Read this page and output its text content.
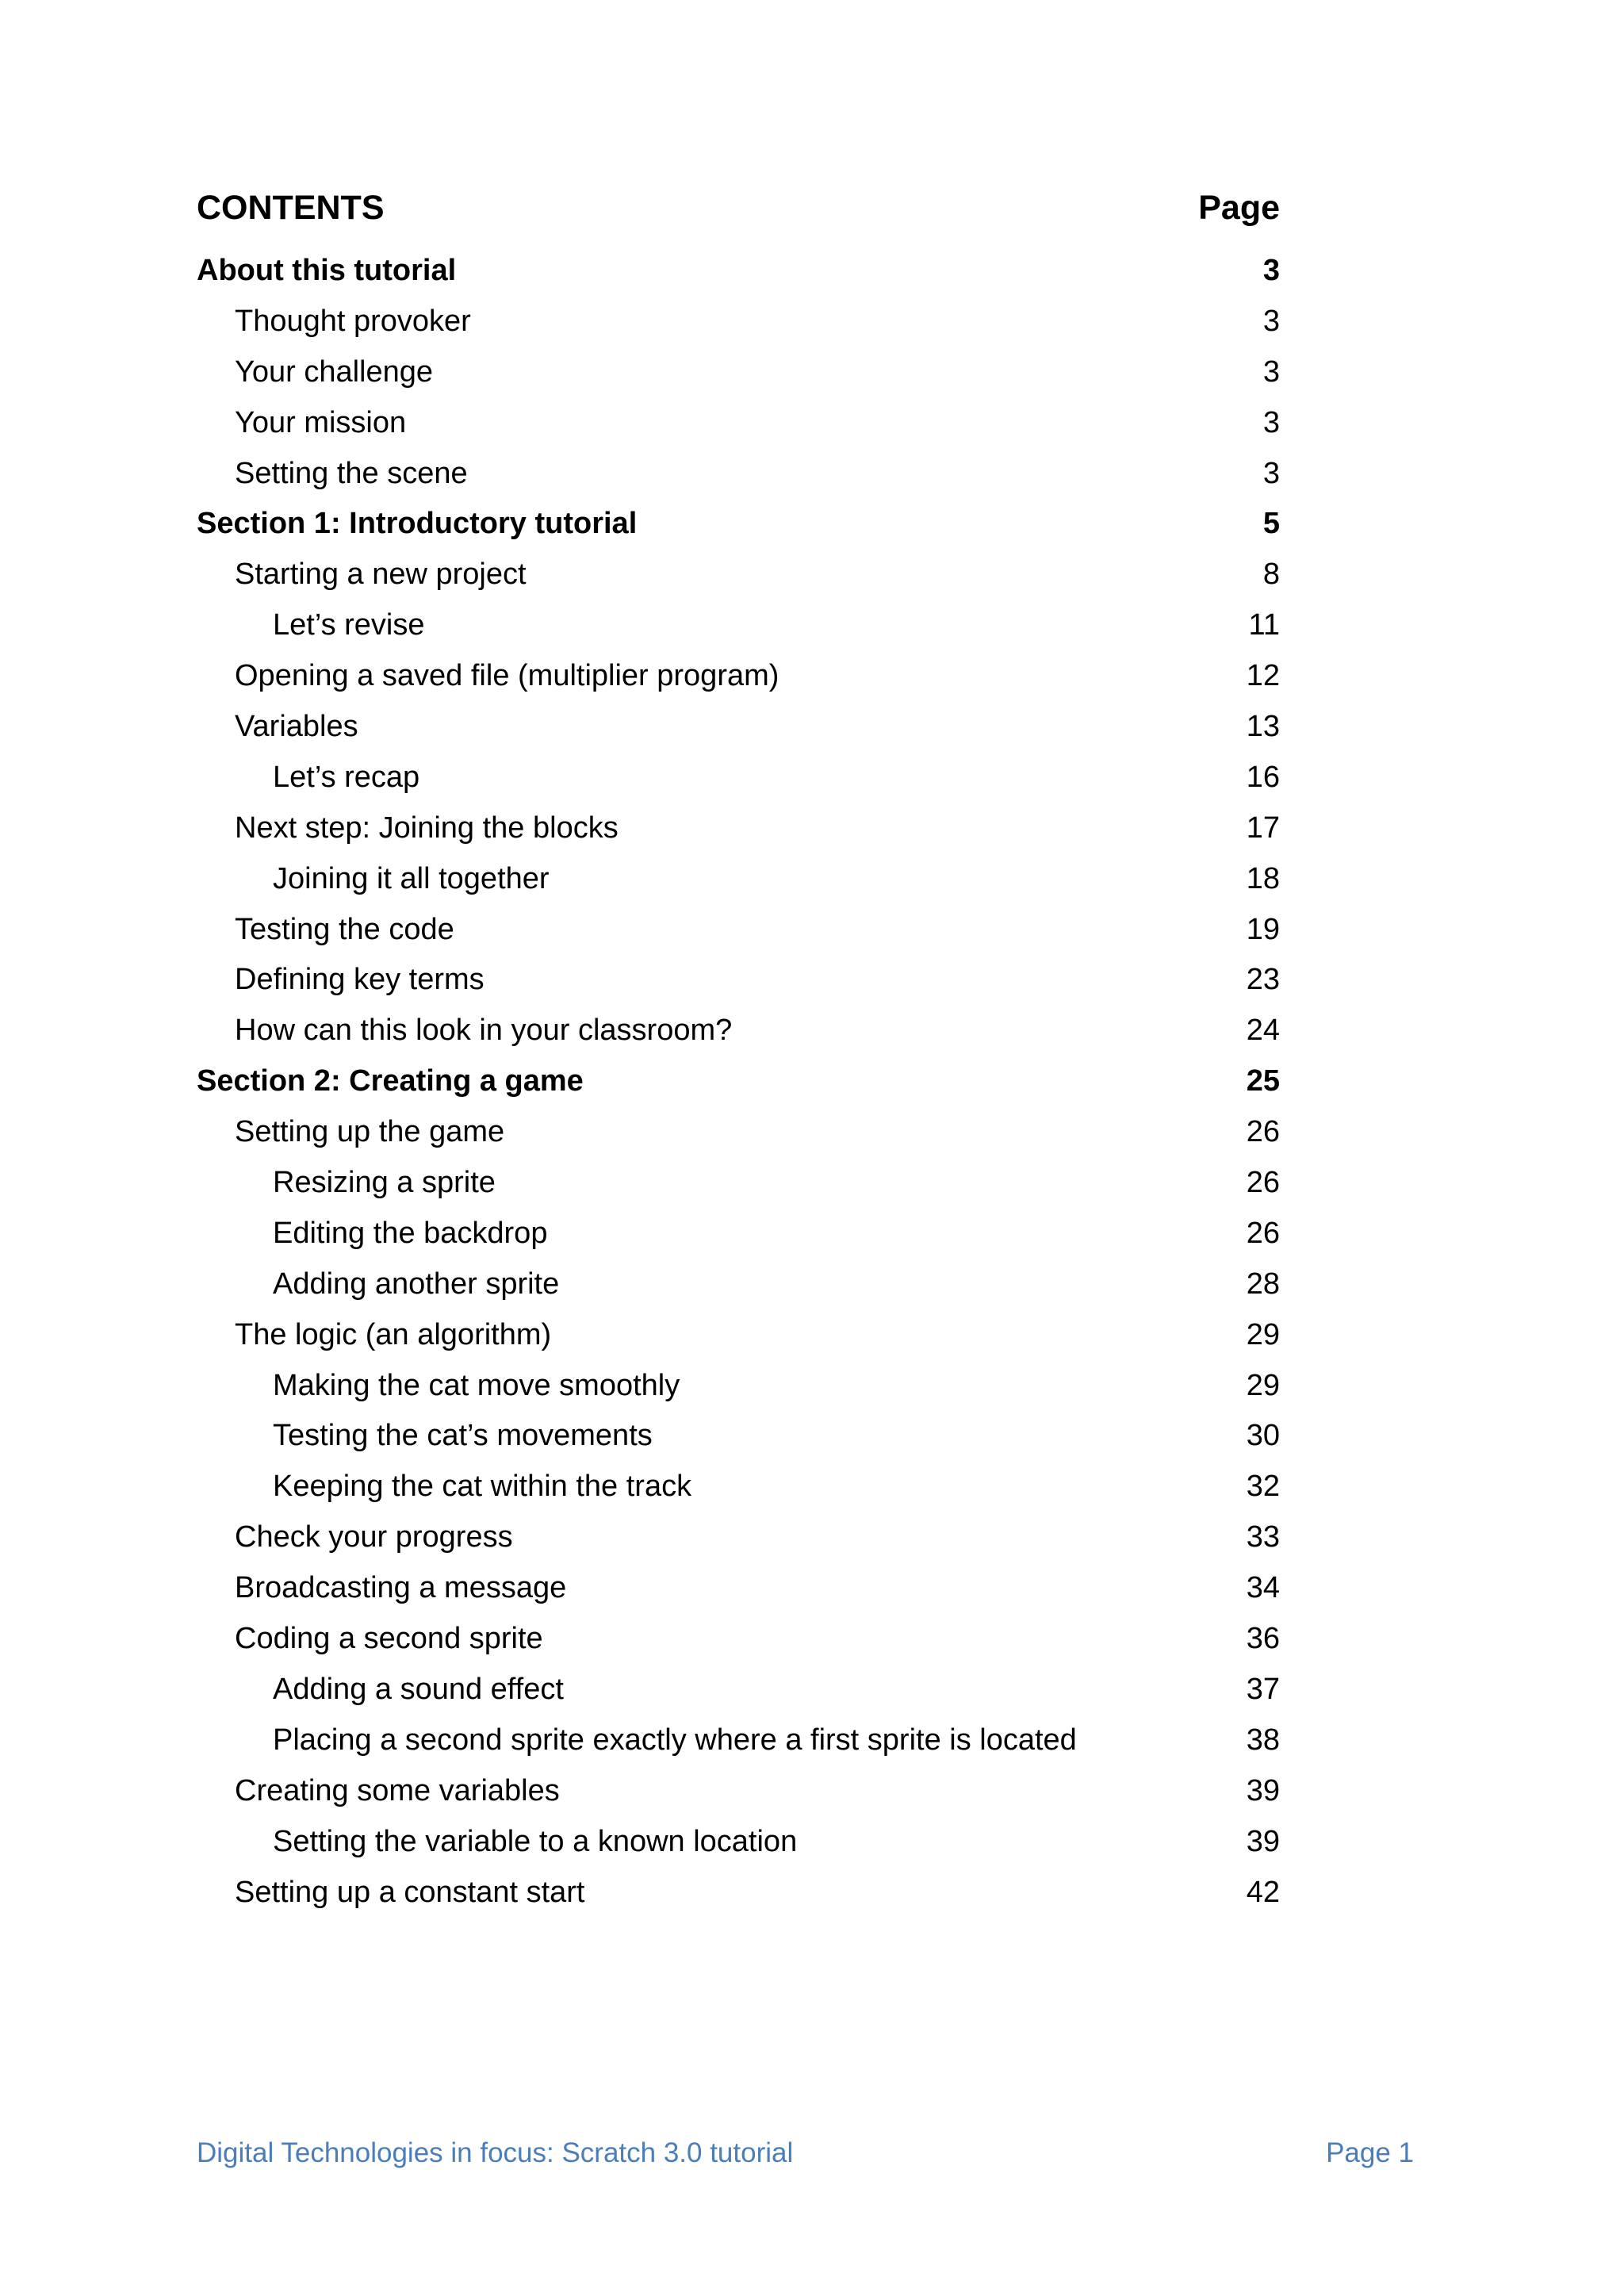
CONTENTS	Page
About this tutorial	3
Thought provoker	3
Your challenge	3
Your mission	3
Setting the scene	3
Section 1: Introductory tutorial	5
Starting a new project	8
Let’s revise	11
Opening a saved file (multiplier program)	12
Variables	13
Let’s recap	16
Next step: Joining the blocks	17
Joining it all together	18
Testing the code	19
Defining key terms	23
How can this look in your classroom?	24
Section 2: Creating a game	25
Setting up the game	26
Resizing a sprite	26
Editing the backdrop	26
Adding another sprite	28
The logic (an algorithm)	29
Making the cat move smoothly	29
Testing the cat’s movements	30
Keeping the cat within the track	32
Check your progress	33
Broadcasting a message	34
Coding a second sprite	36
Adding a sound effect	37
Placing a second sprite exactly where a first sprite is located	38
Creating some variables	39
Setting the variable to a known location	39
Setting up a constant start	42
Digital Technologies in focus: Scratch 3.0 tutorial	Page 1
